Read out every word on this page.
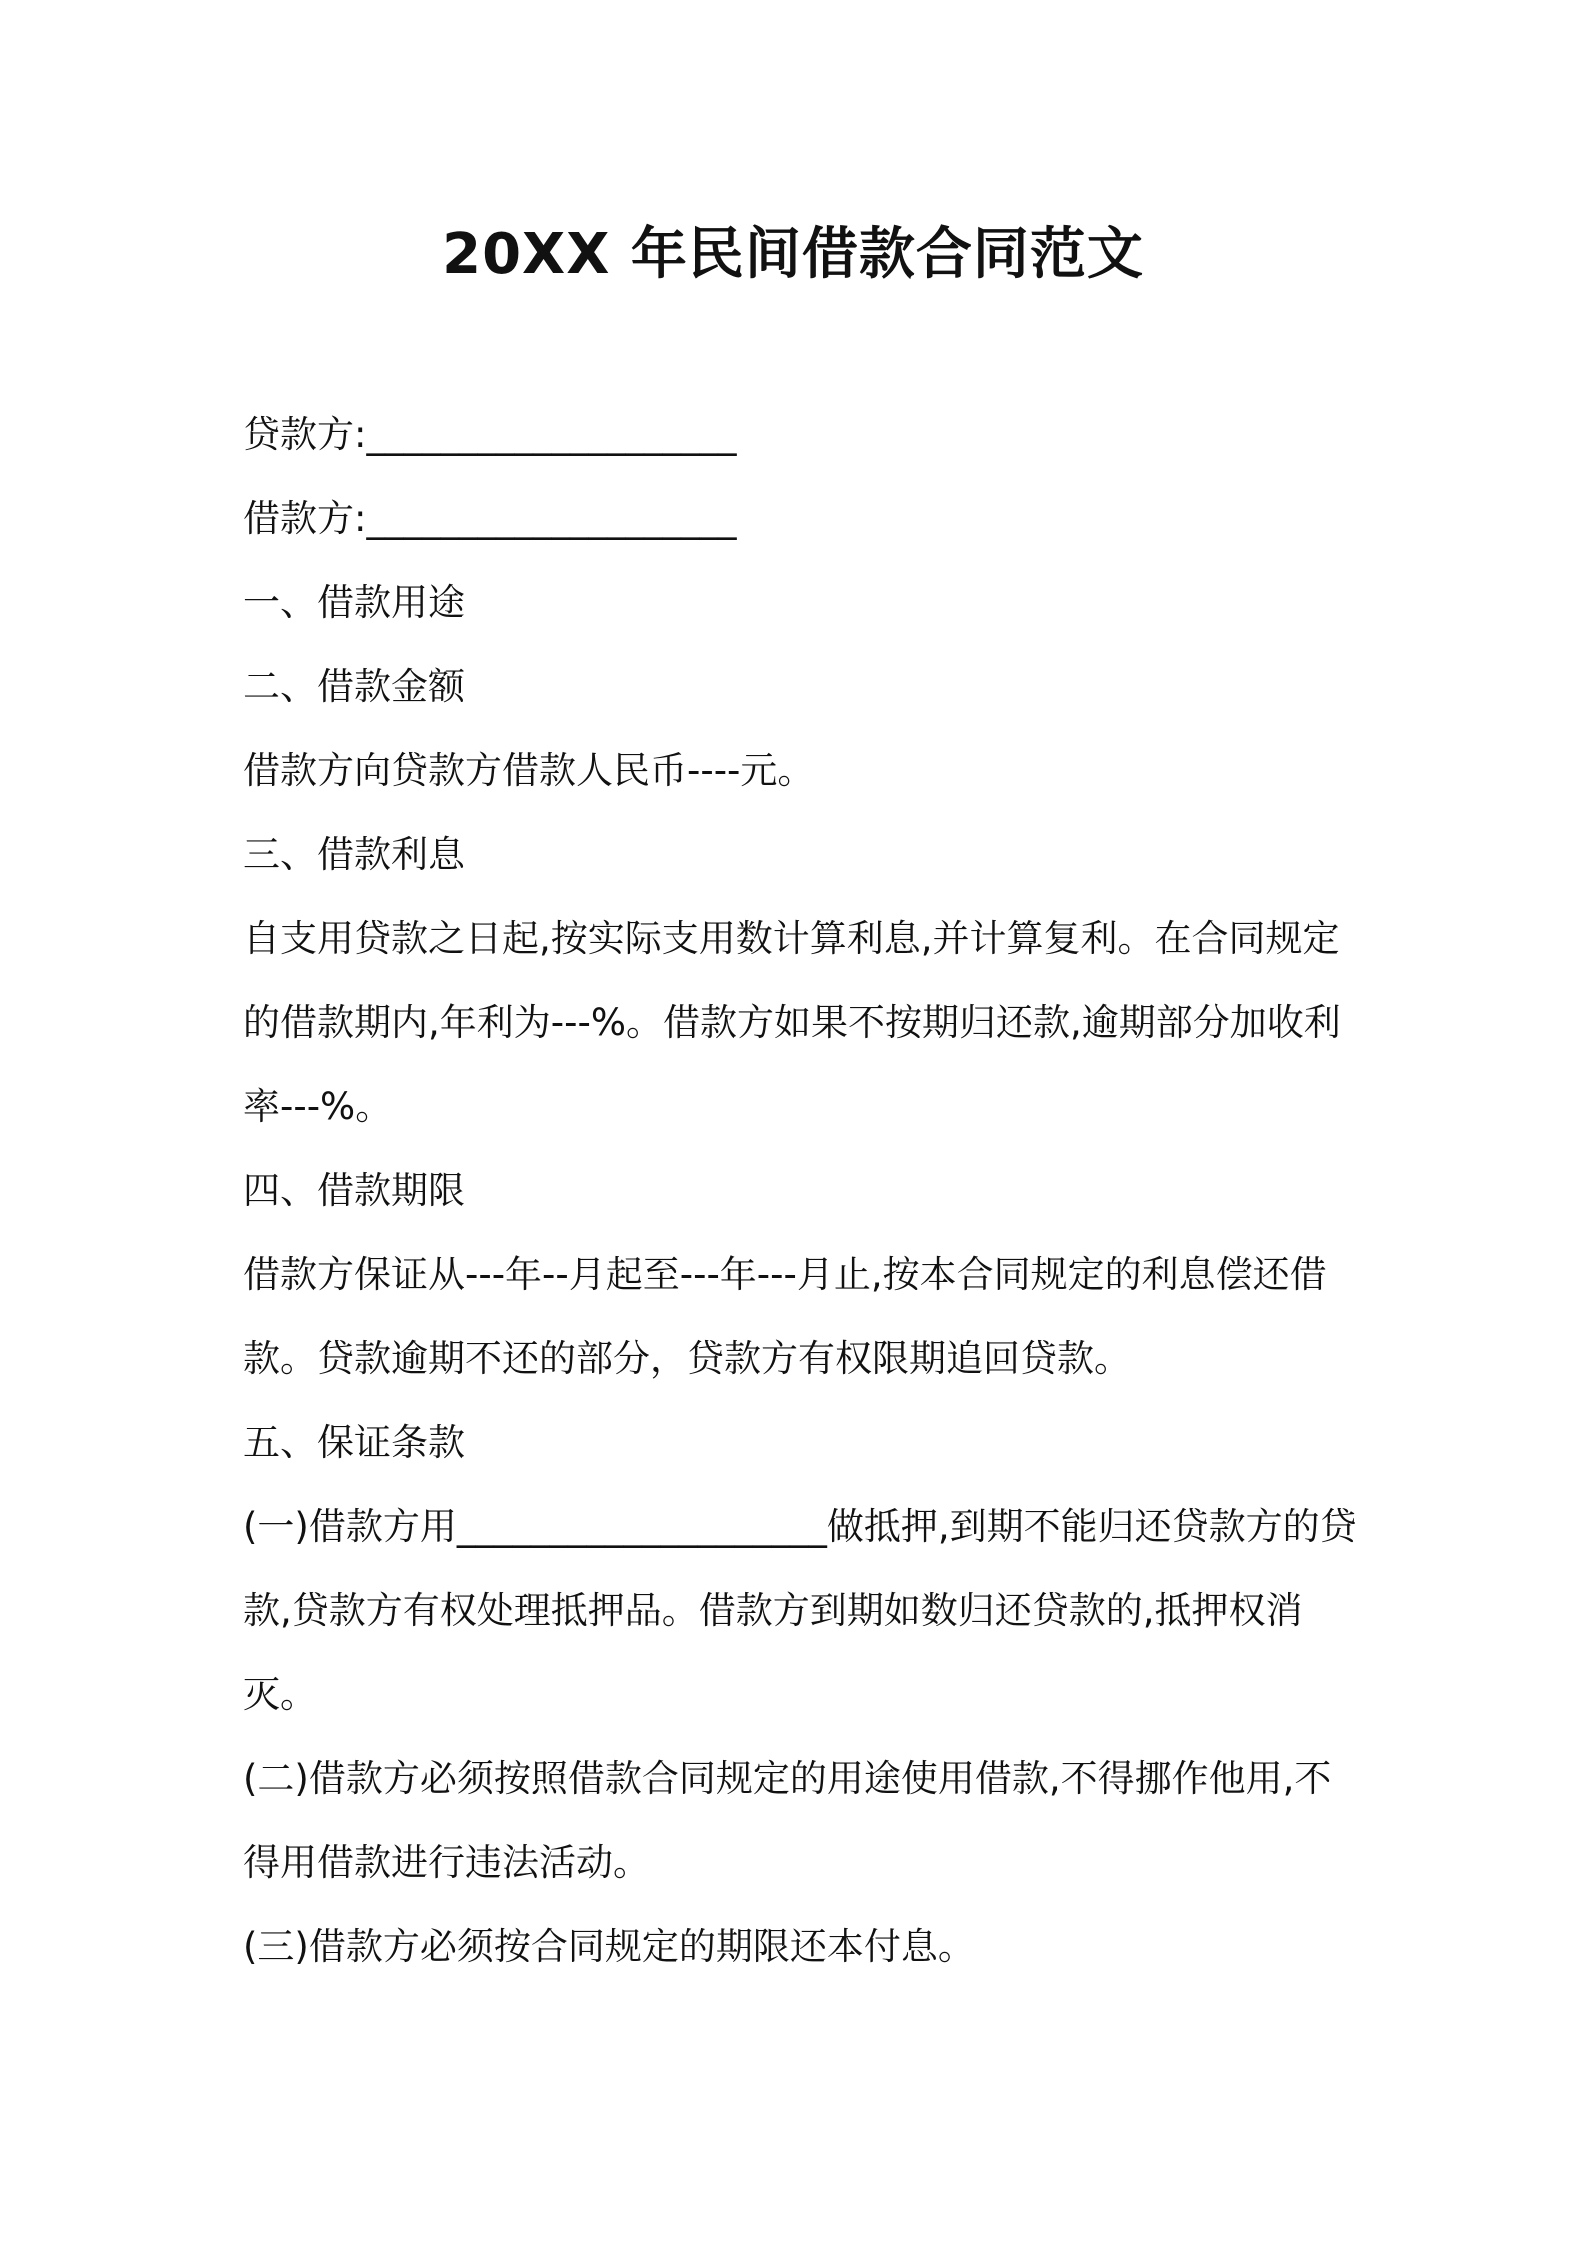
20XX 年民间借款合同范文

贷款方:____________________

借款方:____________________

一、借款用途

二、借款金额

借款方向贷款方借款人民币----元。

三、借款利息

自支用贷款之日起,按实际支用数计算利息,并计算复利。在合同规定的借款期内,年利为---%。借款方如果不按期归还款,逾期部分加收利率---%。

四、借款期限

借款方保证从---年--月起至---年---月止,按本合同规定的利息偿还借款。贷款逾期不还的部分，贷款方有权限期追回贷款。

五、保证条款

(一)借款方用____________________做抵押,到期不能归还贷款方的贷款,贷款方有权处理抵押品。借款方到期如数归还贷款的,抵押权消灭。

(二)借款方必须按照借款合同规定的用途使用借款,不得挪作他用,不得用借款进行违法活动。

(三)借款方必须按合同规定的期限还本付息。
